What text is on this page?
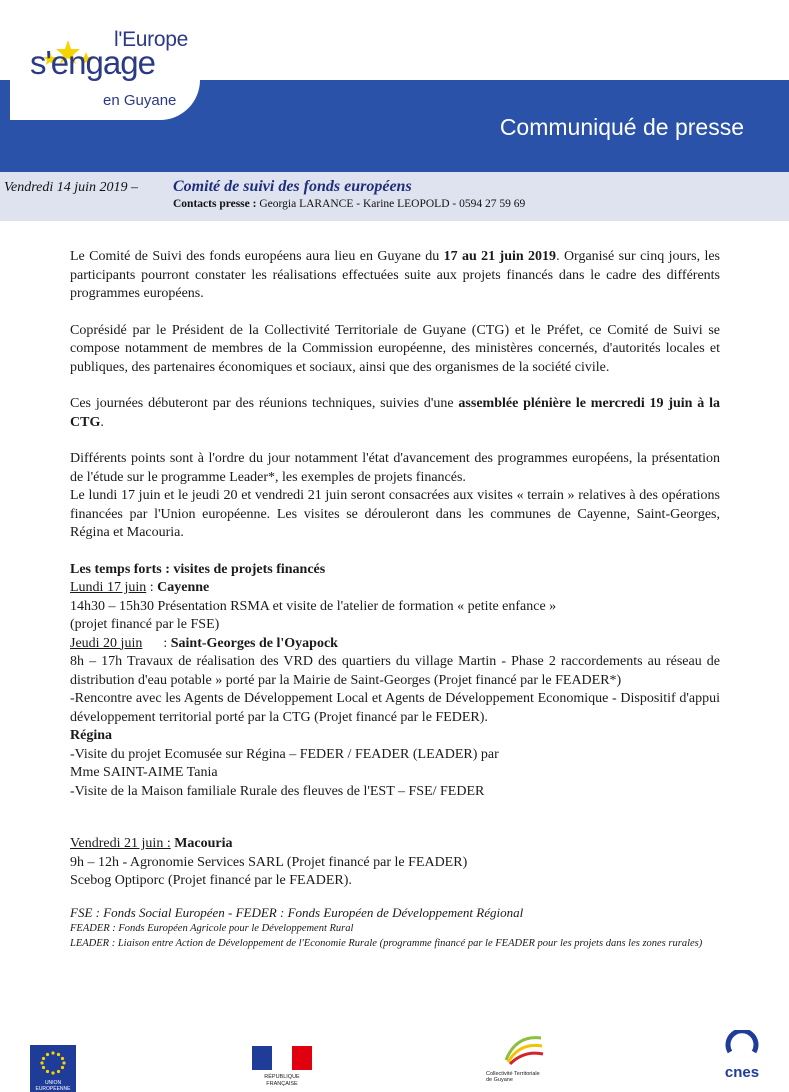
Communiqué de presse
l'Europe
s'engage
en Guyane
Vendredi 14 juin 2019 – Comité de suivi des fonds européens
Contacts presse : Georgia LARANCE - Karine LEOPOLD - 0594 27 59 69

Le Comité de Suivi des fonds européens aura lieu en Guyane du 17 au 21 juin 2019. Organisé sur cinq jours, les participants pourront constater les réalisations effectuées suite aux projets financés dans le cadre des différents programmes européens.

Coprésidé par le Président de la Collectivité Territoriale de Guyane (CTG) et le Préfet, ce Comité de Suivi se compose notamment de membres de la Commission européenne, des ministères concernés, d'autorités locales et publiques, des partenaires économiques et sociaux, ainsi que des organismes de la société civile.

Ces journées débuteront par des réunions techniques, suivies d'une assemblée plénière le mercredi 19 juin à la CTG.

Différents points sont à l'ordre du jour notamment l'état d'avancement des programmes européens, la présentation de l'étude sur le programme Leader*, les exemples de projets financés.

Le lundi 17 juin et le jeudi 20 et vendredi 21 juin seront consacrées aux visites « terrain » relatives à des opérations financées par l'Union européenne. Les visites se dérouleront dans les communes de Cayenne, Saint-Georges, Régina et Macouria.

Les temps forts : visites de projets financés
Lundi 17 juin : Cayenne
14h30 – 15h30 Présentation RSMA et visite de l'atelier de formation « petite enfance »
(projet financé par le FSE)
Jeudi 20 juin      : Saint-Georges de l'Oyapock
8h – 17h Travaux de réalisation des VRD des quartiers du village Martin - Phase 2 raccordements au réseau de distribution d'eau potable » porté par la Mairie de Saint-Georges (Projet financé par le FEADER*)
-Rencontre avec les Agents de Développement Local et Agents de Développement Economique - Dispositif d'appui développement territorial porté par la CTG (Projet financé par le FEDER).
Régina
-Visite du projet Ecomusée sur Régina – FEDER / FEADER (LEADER) par
Mme SAINT-AIME Tania
-Visite de la Maison familiale Rurale des fleuves de l'EST – FSE/ FEDER
Vendredi 21 juin : Macouria
9h – 12h - Agronomie Services SARL (Projet financé par le FEADER)
Scebog Optiporc (Projet financé par le FEADER).
FSE : Fonds Social Européen - FEDER : Fonds Européen de Développement Régional
FEADER : Fonds Européen Agricole pour le Développement Rural
LEADER : Liaison entre Action de Développement de l'Economie Rurale (programme financé par le FEADER pour les projets dans les zones rurales)
UNION EUROPÉENNE
RÉPUBLIQUE FRANÇAISE
Collectivité Territoriale de Guyane	cnes
